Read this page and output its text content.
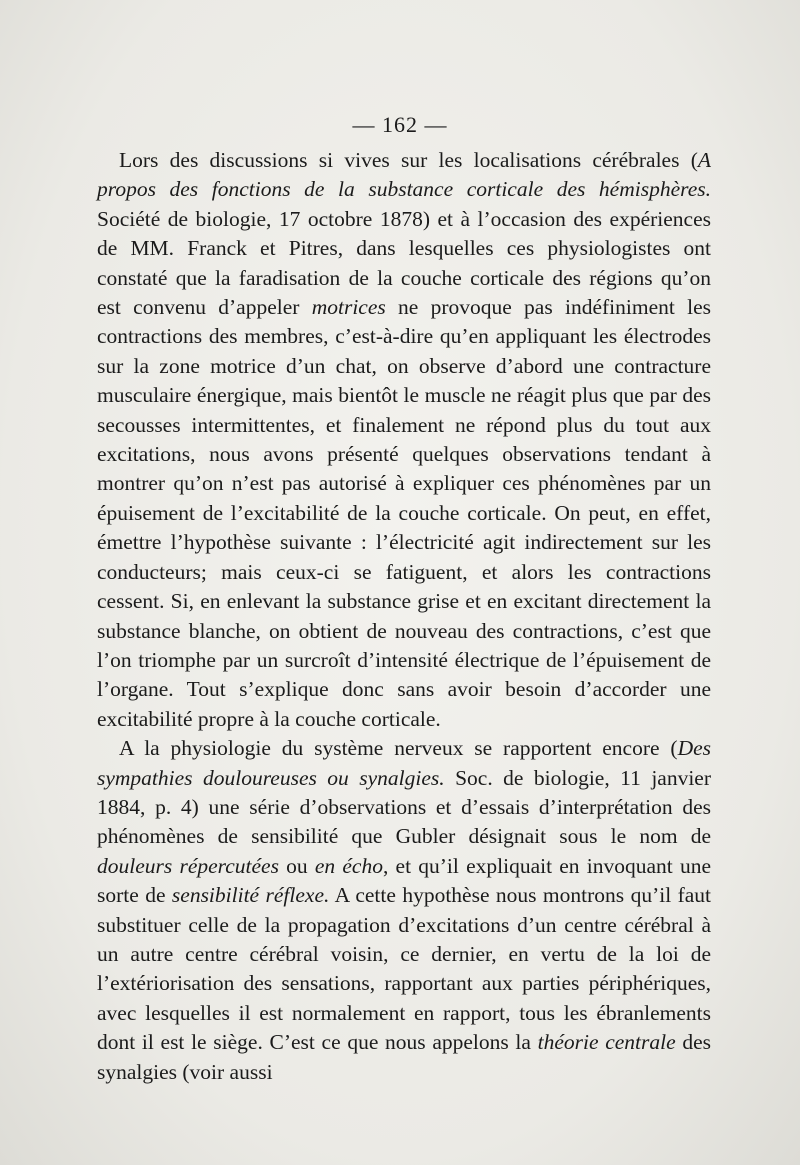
— 162 —

Lors des discussions si vives sur les localisations cérébrales (A propos des fonctions de la substance corticale des hémisphères. Société de biologie, 17 octobre 1878) et à l’occasion des expériences de MM. Franck et Pitres, dans lesquelles ces physiologistes ont constaté que la faradisation de la couche corticale des régions qu’on est convenu d’appeler motrices ne provoque pas indéfiniment les contractions des membres, c’est-à-dire qu’en appliquant les électrodes sur la zone motrice d’un chat, on observe d’abord une contracture musculaire énergique, mais bientôt le muscle ne réagit plus que par des secousses intermittentes, et finalement ne répond plus du tout aux excitations, nous avons présenté quelques observations tendant à montrer qu’on n’est pas autorisé à expliquer ces phénomènes par un épuisement de l’excitabilité de la couche corticale. On peut, en effet, émettre l’hypothèse suivante : l’électricité agit indirectement sur les conducteurs; mais ceux-ci se fatiguent, et alors les contractions cessent. Si, en enlevant la substance grise et en excitant directement la substance blanche, on obtient de nouveau des contractions, c’est que l’on triomphe par un surcroît d’intensité électrique de l’épuisement de l’organe. Tout s’explique donc sans avoir besoin d’accorder une excitabilité propre à la couche corticale.

A la physiologie du système nerveux se rapportent encore (Des sympathies douloureuses ou synalgies. Soc. de biologie, 11 janvier 1884, p. 4) une série d’observations et d’essais d’interprétation des phénomènes de sensibilité que Gubler désignait sous le nom de douleurs répercutées ou en écho, et qu’il expliquait en invoquant une sorte de sensibilité réflexe. A cette hypothèse nous montrons qu’il faut substituer celle de la propagation d’excitations d’un centre cérébral à un autre centre cérébral voisin, ce dernier, en vertu de la loi de l’extériorisation des sensations, rapportant aux parties périphériques, avec lesquelles il est normalement en rapport, tous les ébranlements dont il est le siège. C’est ce que nous appelons la théorie centrale des synalgies (voir aussi
